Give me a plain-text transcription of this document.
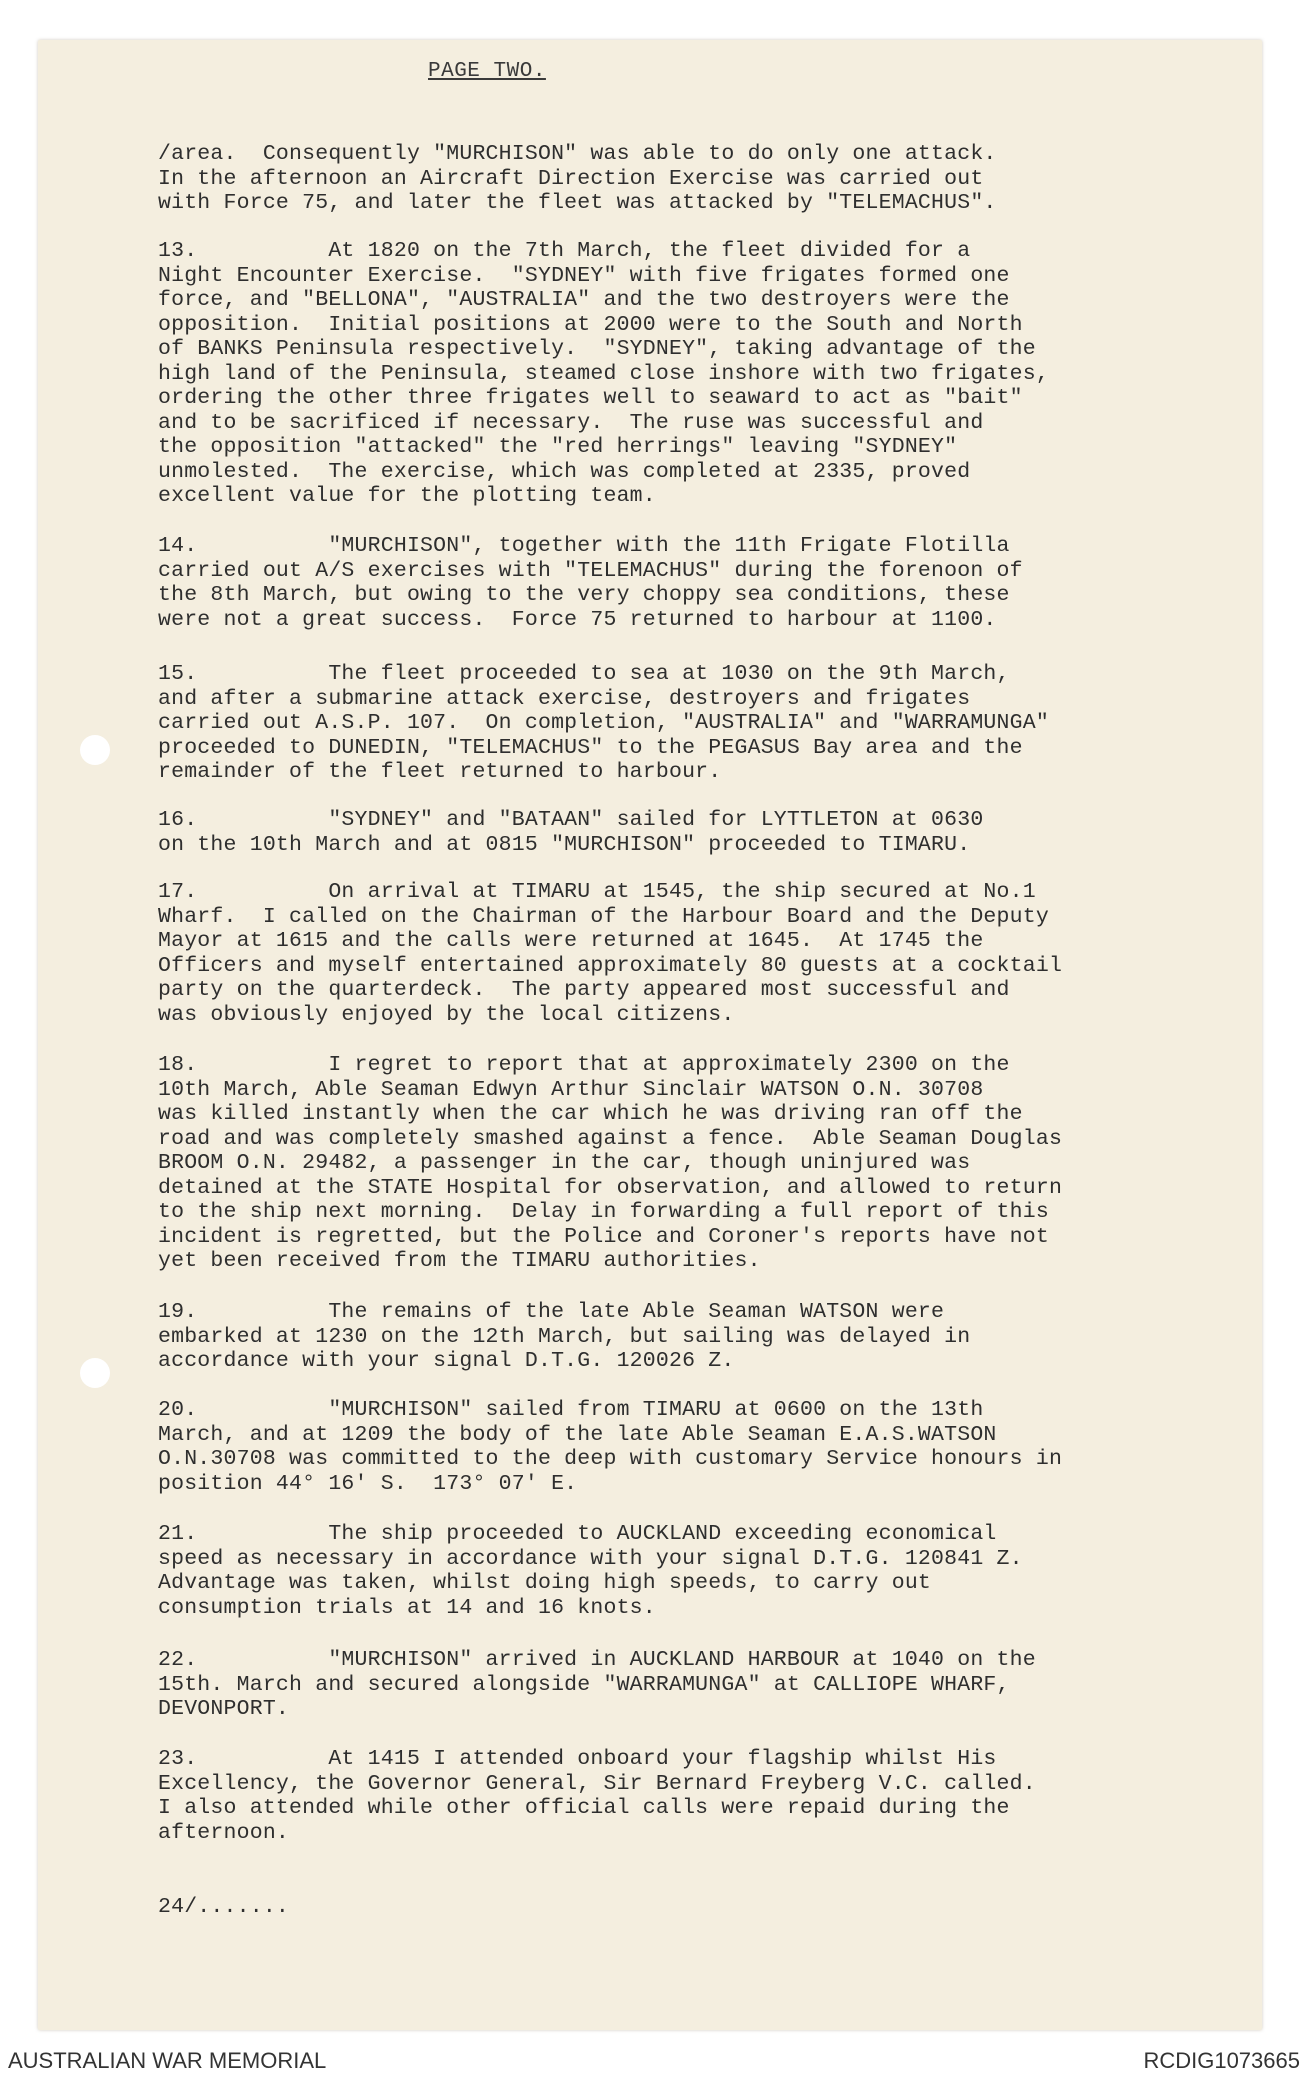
PAGE TWO.
/area.  Consequently "MURCHISON" was able to do only one attack.
In the afternoon an Aircraft Direction Exercise was carried out
with Force 75, and later the fleet was attacked by "TELEMACHUS".
13.          At 1820 on the 7th March, the fleet divided for a
Night Encounter Exercise.  "SYDNEY" with five frigates formed one
force, and "BELLONA", "AUSTRALIA" and the two destroyers were the
opposition.  Initial positions at 2000 were to the South and North
of BANKS Peninsula respectively.  "SYDNEY", taking advantage of the
high land of the Peninsula, steamed close inshore with two frigates,
ordering the other three frigates well to seaward to act as "bait"
and to be sacrificed if necessary.  The ruse was successful and
the opposition "attacked" the "red herrings" leaving "SYDNEY"
unmolested.  The exercise, which was completed at 2335, proved
excellent value for the plotting team.
14.          "MURCHISON", together with the 11th Frigate Flotilla
carried out A/S exercises with "TELEMACHUS" during the forenoon of
the 8th March, but owing to the very choppy sea conditions, these
were not a great success.  Force 75 returned to harbour at 1100.
15.          The fleet proceeded to sea at 1030 on the 9th March,
and after a submarine attack exercise, destroyers and frigates
carried out A.S.P. 107.  On completion, "AUSTRALIA" and "WARRAMUNGA"
proceeded to DUNEDIN, "TELEMACHUS" to the PEGASUS Bay area and the
remainder of the fleet returned to harbour.
16.          "SYDNEY" and "BATAAN" sailed for LYTTLETON at 0630
on the 10th March and at 0815 "MURCHISON" proceeded to TIMARU.
17.          On arrival at TIMARU at 1545, the ship secured at No.1
Wharf.  I called on the Chairman of the Harbour Board and the Deputy
Mayor at 1615 and the calls were returned at 1645.  At 1745 the
Officers and myself entertained approximately 80 guests at a cocktail
party on the quarterdeck.  The party appeared most successful and
was obviously enjoyed by the local citizens.
18.          I regret to report that at approximately 2300 on the
10th March, Able Seaman Edwyn Arthur Sinclair WATSON O.N. 30708
was killed instantly when the car which he was driving ran off the
road and was completely smashed against a fence.  Able Seaman Douglas
BROOM O.N. 29482, a passenger in the car, though uninjured was
detained at the STATE Hospital for observation, and allowed to return
to the ship next morning.  Delay in forwarding a full report of this
incident is regretted, but the Police and Coroner's reports have not
yet been received from the TIMARU authorities.
19.          The remains of the late Able Seaman WATSON were
embarked at 1230 on the 12th March, but sailing was delayed in
accordance with your signal D.T.G. 120026 Z.
20.          "MURCHISON" sailed from TIMARU at 0600 on the 13th
March, and at 1209 the body of the late Able Seaman E.A.S.WATSON
O.N.30708 was committed to the deep with customary Service honours in
position 44° 16' S.  173° 07' E.
21.          The ship proceeded to AUCKLAND exceeding economical
speed as necessary in accordance with your signal D.T.G. 120841 Z.
Advantage was taken, whilst doing high speeds, to carry out
consumption trials at 14 and 16 knots.
22.          "MURCHISON" arrived in AUCKLAND HARBOUR at 1040 on the
15th. March and secured alongside "WARRAMUNGA" at CALLIOPE WHARF,
DEVONPORT.
23.          At 1415 I attended onboard your flagship whilst His
Excellency, the Governor General, Sir Bernard Freyberg V.C. called.
I also attended while other official calls were repaid during the
afternoon.
24/.......
AUSTRALIAN WAR MEMORIAL	RCDIG1073665
